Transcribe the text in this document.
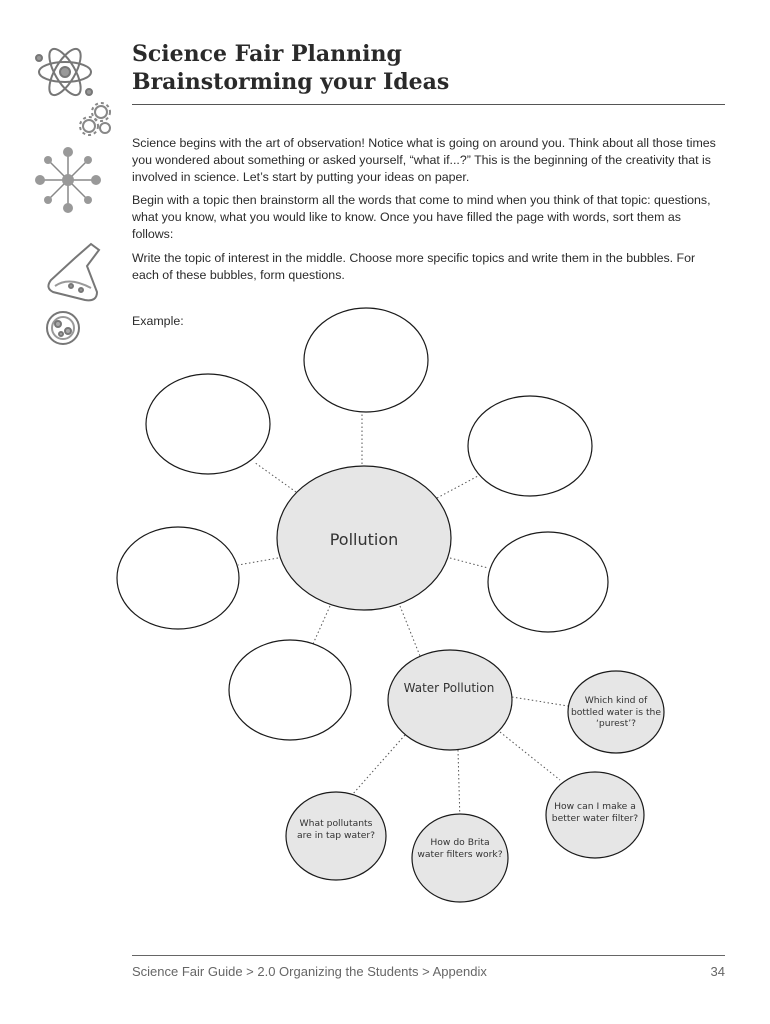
Science Fair Planning
Brainstorming your Ideas

Science begins with the art of observation! Notice what is going on around you. Think about all those times you wondered about something or asked yourself, “what if...?” This is the beginning of the creativity that is involved in science. Let’s start by putting your ideas on paper.

Begin with a topic then brainstorm all the words that come to mind when you think of that topic: questions, what you know, what you would like to know. Once you have filled the page with words, sort them as follows:

Write the topic of interest in the middle. Choose more specific topics and write them in the bubbles. For each of these bubbles, form questions.

Example:

Pollution
Water Pollution
Which kind of bottled water is the ‘purest’?
How can I make a better water filter?
How do Brita water filters work?
What pollutants are in tap water?
Science Fair Guide > 2.0 Organizing the Students > Appendix	34
